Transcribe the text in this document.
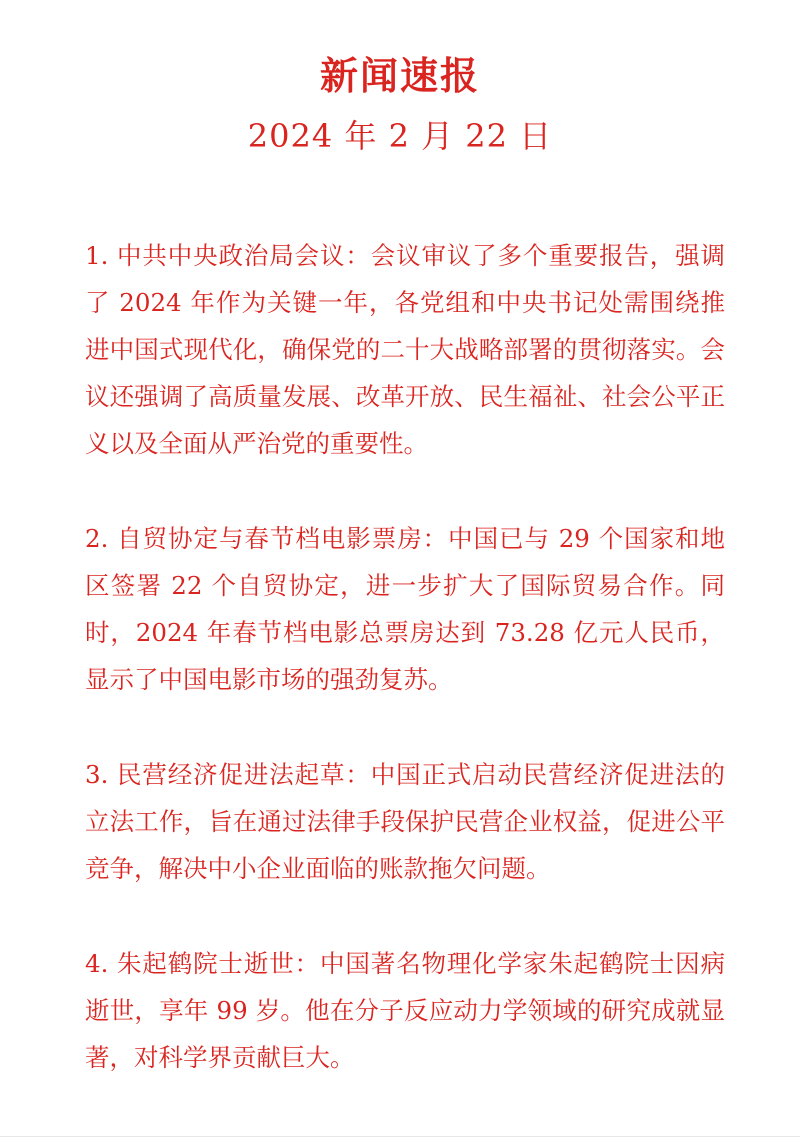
新闻速报
2024 年 2 月 22 日

1. 中共中央政治局会议：会议审议了多个重要报告，强调了 2024 年作为关键一年，各党组和中央书记处需围绕推进中国式现代化，确保党的二十大战略部署的贯彻落实。会议还强调了高质量发展、改革开放、民生福祉、社会公平正义以及全面从严治党的重要性。

2. 自贸协定与春节档电影票房：中国已与 29 个国家和地区签署 22 个自贸协定，进一步扩大了国际贸易合作。同时，2024 年春节档电影总票房达到 73.28 亿元人民币，显示了中国电影市场的强劲复苏。

3. 民营经济促进法起草：中国正式启动民营经济促进法的立法工作，旨在通过法律手段保护民营企业权益，促进公平竞争，解决中小企业面临的账款拖欠问题。

4. 朱起鹤院士逝世：中国著名物理化学家朱起鹤院士因病逝世，享年 99 岁。他在分子反应动力学领域的研究成就显著，对科学界贡献巨大。
